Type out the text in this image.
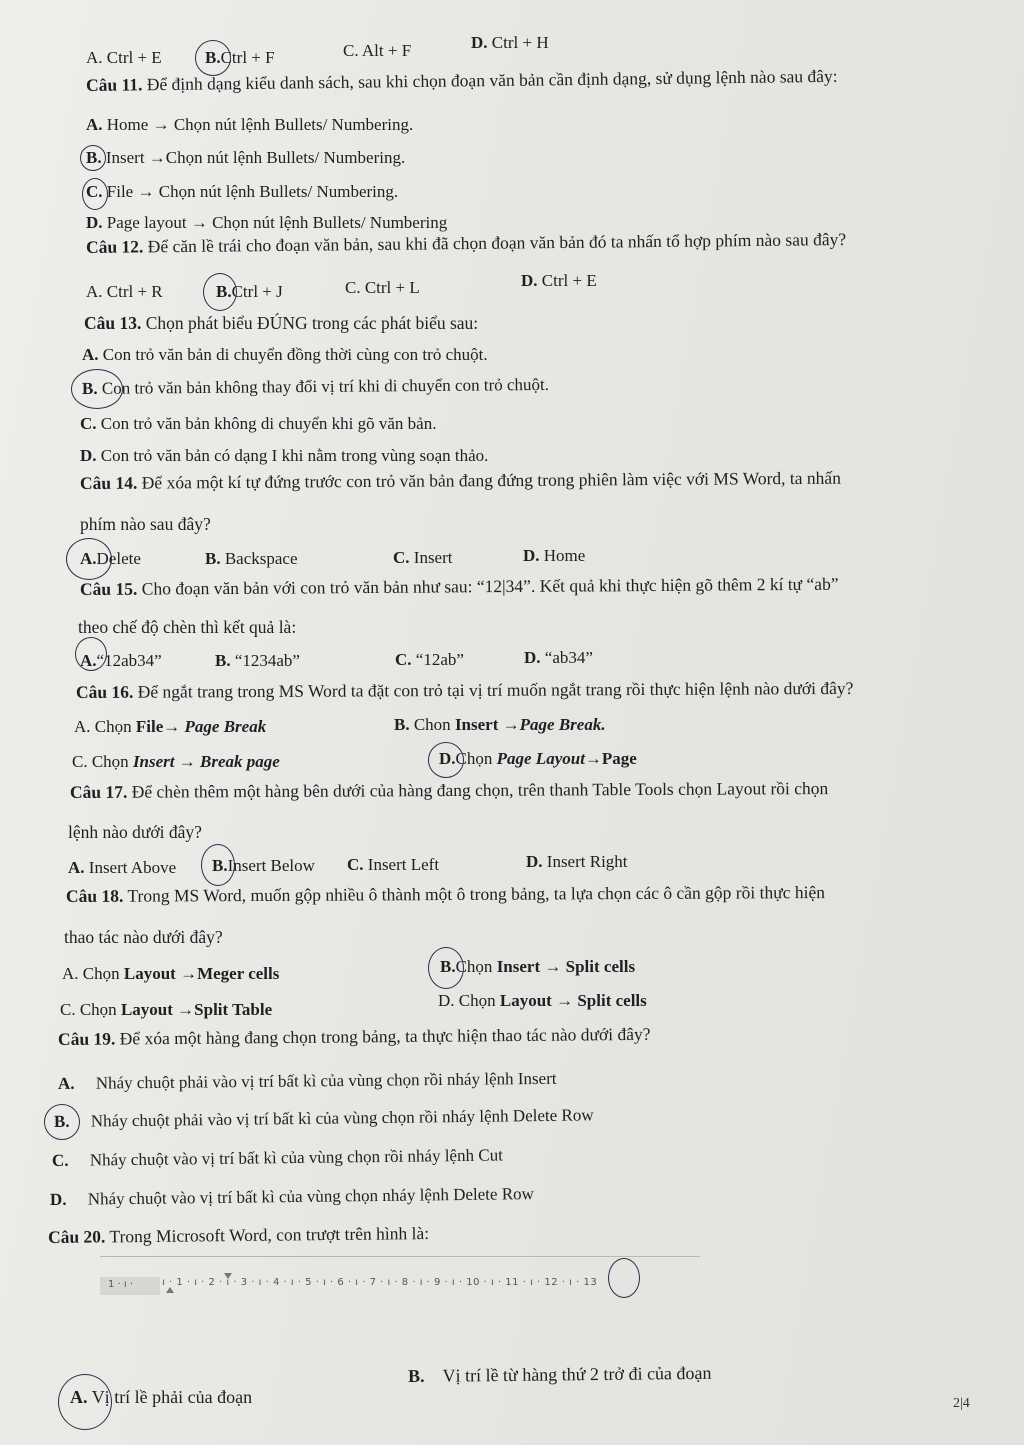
A. Ctrl + E	B.Ctrl + F	C. Alt + F	D. Ctrl + H
Câu 11. Để định dạng kiểu danh sách, sau khi chọn đoạn văn bản cần định dạng, sử dụng lệnh nào sau đây:
A. Home → Chọn nút lệnh Bullets/ Numbering.
B. Insert →Chọn nút lệnh Bullets/ Numbering.
C. File → Chọn nút lệnh Bullets/ Numbering.
D. Page layout → Chọn nút lệnh Bullets/ Numbering
Câu 12. Để căn lề trái cho đoạn văn bản, sau khi đã chọn đoạn văn bản đó ta nhấn tổ hợp phím nào sau đây?
A. Ctrl + R	B.Ctrl + J	C. Ctrl + L	D. Ctrl + E
Câu 13. Chọn phát biểu ĐÚNG trong các phát biểu sau:
A. Con trỏ văn bản di chuyển đồng thời cùng con trỏ chuột.
B. Con trỏ văn bản không thay đổi vị trí khi di chuyển con trỏ chuột.
C. Con trỏ văn bản không di chuyển khi gõ văn bản.
D. Con trỏ văn bản có dạng I khi nằm trong vùng soạn thảo.
Câu 14. Để xóa một kí tự đứng trước con trỏ văn bản đang đứng trong phiên làm việc với MS Word, ta nhấn
phím nào sau đây?
A.Delete	B. Backspace	C. Insert	D. Home
Câu 15. Cho đoạn văn bản với con trỏ văn bản như sau: “12|34”. Kết quả khi thực hiện gõ thêm 2 kí tự “ab”
theo chế độ chèn thì kết quả là:
A.“12ab34”	B. “1234ab”	C. “12ab”	D. “ab34”
Câu 16. Để ngắt trang trong MS Word ta đặt con trỏ tại vị trí muốn ngắt trang rồi thực hiện lệnh nào dưới đây?
A. Chọn File→ Page Break	B. Chon Insert →Page Break.
C. Chọn Insert → Break page	D.Chọn Page Layout→Page
Câu 17. Để chèn thêm một hàng bên dưới của hàng đang chọn, trên thanh Table Tools chọn Layout rồi chọn
lệnh nào dưới đây?
A. Insert Above B.Insert Below C. Insert Left	D. Insert Right
Câu 18. Trong MS Word, muốn gộp nhiều ô thành một ô trong bảng, ta lựa chọn các ô cần gộp rồi thực hiện
thao tác nào dưới đây?
A. Chọn Layout →Meger cells	B.Chọn Insert → Split cells
C. Chọn Layout →Split Table	D. Chọn Layout → Split cells
Câu 19. Để xóa một hàng đang chọn trong bảng, ta thực hiện thao tác nào dưới đây?
A. Nháy chuột phải vào vị trí bất kì của vùng chọn rồi nháy lệnh Insert
B. Nháy chuột phải vào vị trí bất kì của vùng chọn rồi nháy lệnh Delete Row
C. Nháy chuột vào vị trí bất kì của vùng chọn rồi nháy lệnh Cut
D. Nháy chuột vào vị trí bất kì của vùng chọn nháy lệnh Delete Row
Câu 20. Trong Microsoft Word, con trượt trên hình là:
1 · ı ·	ı · 1 · ı · 2 · ı · 3 · ı · 4 · ı · 5 · ı · 6 · ı · 7 · ı · 8 · ı · 9 · ı · 10 · ı · 11 · ı · 12 · ı · 13
A. Vị trí lề phải của đoạn
B. Vị trí lề từ hàng thứ 2 trở đi của đoạn
2|4
